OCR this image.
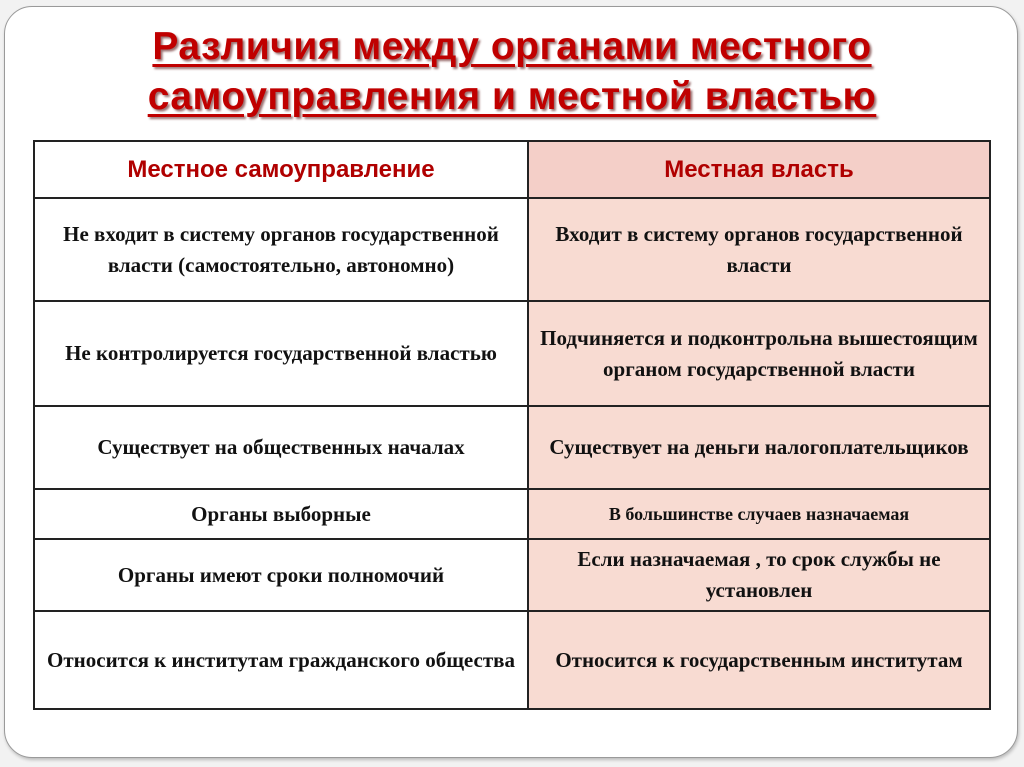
Различия между органами местного
самоуправления и местной властью
Местное самоуправление	Местная власть
Не входит в систему органов государственной власти (самостоятельно, автономно)	Входит в систему органов государственной власти
Не контролируется государственной властью	Подчиняется и подконтрольна вышестоящим органом государственной власти
Существует на общественных началах	Существует на деньги налогоплательщиков
Органы выборные	В большинстве случаев назначаемая
Органы имеют сроки полномочий	Если назначаемая , то срок службы не установлен
Относится к институтам гражданского общества	Относится к государственным институтам
